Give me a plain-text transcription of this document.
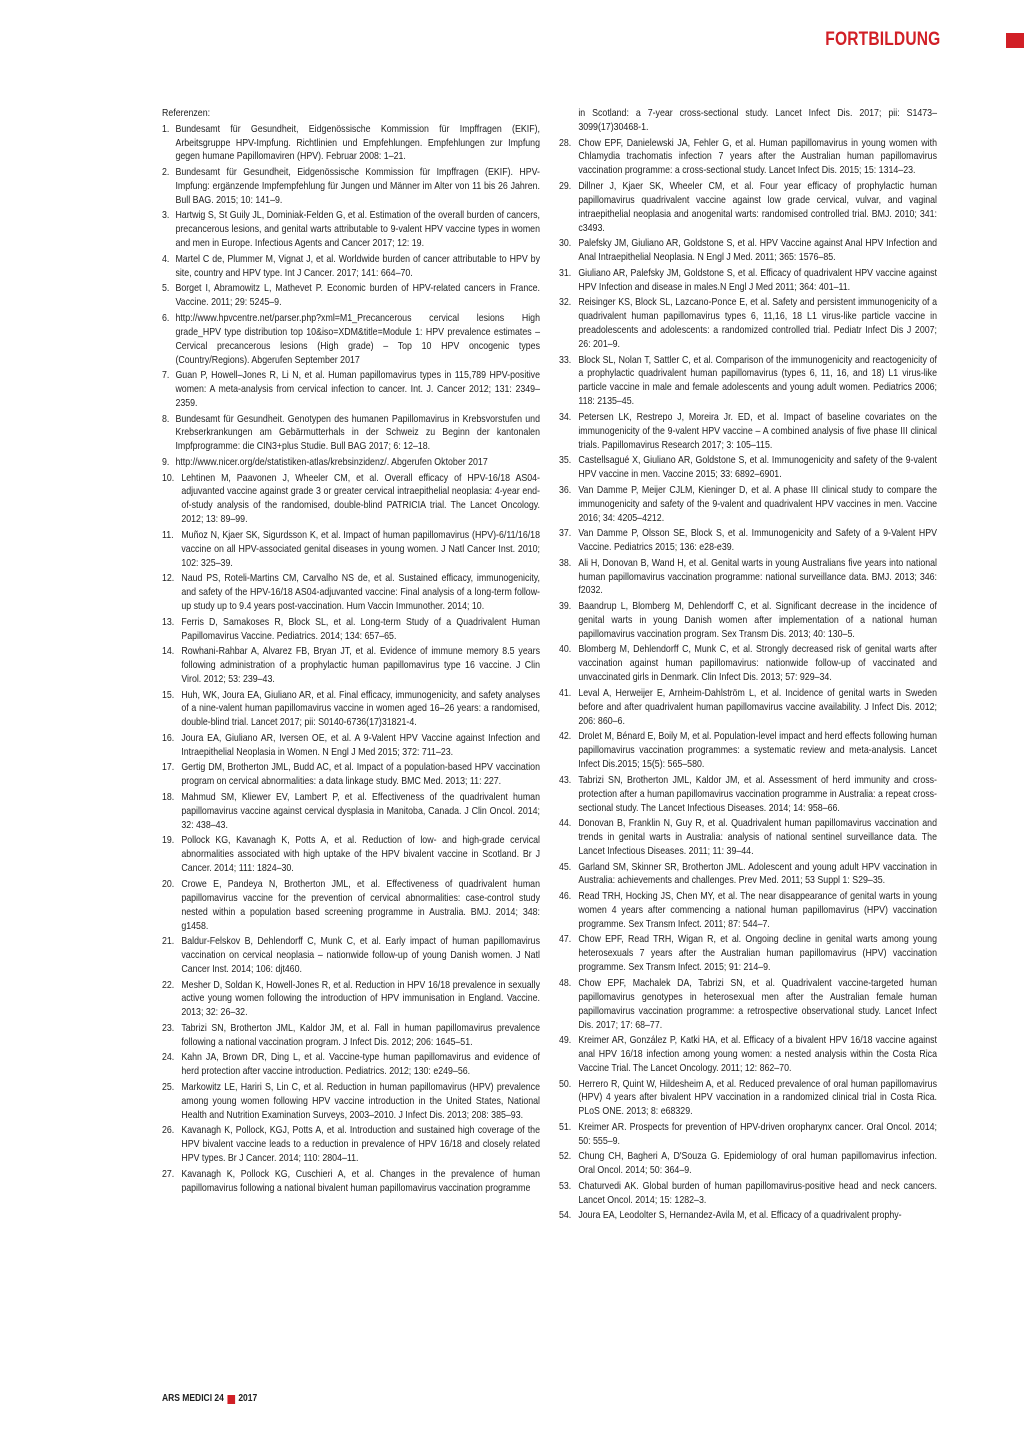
FORTBILDUNG
Referenzen:
1. Bundesamt für Gesundheit, Eidgenössische Kommission für Impffragen (EKIF), Arbeitsgruppe HPV-Impfung. Richtlinien und Empfehlungen. Empfehlungen zur Impfung gegen humane Papillomaviren (HPV). Februar 2008: 1–21.
2. Bundesamt für Gesundheit, Eidgenössische Kommission für Impffragen (EKIF). HPV-Impfung: ergänzende Impfempfehlung für Jungen und Männer im Alter von 11 bis 26 Jahren. Bull BAG. 2015; 10: 141–9.
3. Hartwig S, St Guily JL, Dominiak-Felden G, et al. Estimation of the overall burden of cancers, precancerous lesions, and genital warts attributable to 9-valent HPV vaccine types in women and men in Europe. Infectious Agents and Cancer 2017; 12: 19.
4. Martel C de, Plummer M, Vignat J, et al. Worldwide burden of cancer attributable to HPV by site, country and HPV type. Int J Cancer. 2017; 141: 664–70.
5. Borget I, Abramowitz L, Mathevet P. Economic burden of HPV-related cancers in France. Vaccine. 2011; 29: 5245–9.
6. http://www.hpvcentre.net/parser.php?xml=M1_Precancerous cervical lesions High grade_HPV type distribution top 10&iso=XDM&title=Module 1: HPV prevalence estimates – Cervical precancerous lesions (High grade) – Top 10 HPV oncogenic types (Country/Regions). Abgerufen September 2017
7. Guan P, Howell–Jones R, Li N, et al. Human papillomavirus types in 115,789 HPV-positive women: A meta-analysis from cervical infection to cancer. Int. J. Cancer 2012; 131: 2349–2359.
8. Bundesamt für Gesundheit. Genotypen des humanen Papillomavirus in Krebsvorstufen und Krebserkrankungen am Gebärmutterhals in der Schweiz zu Beginn der kantonalen Impfprogramme: die CIN3+plus Studie. Bull BAG 2017; 6: 12–18.
9. http://www.nicer.org/de/statistiken-atlas/krebsinzidenz/. Abgerufen Oktober 2017
10. Lehtinen M, Paavonen J, Wheeler CM, et al. Overall efficacy of HPV-16/18 AS04-adjuvanted vaccine against grade 3 or greater cervical intraepithelial neoplasia: 4-year end-of-study analysis of the randomised, double-blind PATRICIA trial. The Lancet Oncology. 2012; 13: 89–99.
11. Muñoz N, Kjaer SK, Sigurdsson K, et al. Impact of human papillomavirus (HPV)-6/11/16/18 vaccine on all HPV-associated genital diseases in young women. J Natl Cancer Inst. 2010; 102: 325–39.
12. Naud PS, Roteli-Martins CM, Carvalho NS de, et al. Sustained efficacy, immunogenicity, and safety of the HPV-16/18 AS04-adjuvanted vaccine: Final analysis of a long-term follow-up study up to 9.4 years post-vaccination. Hum Vaccin Immunother. 2014; 10.
13. Ferris D, Samakoses R, Block SL, et al. Long-term Study of a Quadrivalent Human Papillomavirus Vaccine. Pediatrics. 2014; 134: 657–65.
14. Rowhani-Rahbar A, Alvarez FB, Bryan JT, et al. Evidence of immune memory 8.5 years following administration of a prophylactic human papillomavirus type 16 vaccine. J Clin Virol. 2012; 53: 239–43.
15. Huh, WK, Joura EA, Giuliano AR, et al. Final efficacy, immunogenicity, and safety analyses of a nine-valent human papillomavirus vaccine in women aged 16–26 years: a randomised, double-blind trial. Lancet 2017; pii: S0140-6736(17)31821-4.
16. Joura EA, Giuliano AR, Iversen OE, et al. A 9-Valent HPV Vaccine against Infection and Intraepithelial Neoplasia in Women. N Engl J Med 2015; 372: 711–23.
17. Gertig DM, Brotherton JML, Budd AC, et al. Impact of a population-based HPV vaccination program on cervical abnormalities: a data linkage study. BMC Med. 2013; 11: 227.
18. Mahmud SM, Kliewer EV, Lambert P, et al. Effectiveness of the quadrivalent human papillomavirus vaccine against cervical dysplasia in Manitoba, Canada. J Clin Oncol. 2014; 32: 438–43.
19. Pollock KG, Kavanagh K, Potts A, et al. Reduction of low- and high-grade cervical abnormalities associated with high uptake of the HPV bivalent vaccine in Scotland. Br J Cancer. 2014; 111: 1824–30.
20. Crowe E, Pandeya N, Brotherton JML, et al. Effectiveness of quadrivalent human papillomavirus vaccine for the prevention of cervical abnormalities: case-control study nested within a population based screening programme in Australia. BMJ. 2014; 348: g1458.
21. Baldur-Felskov B, Dehlendorff C, Munk C, et al. Early impact of human papillomavirus vaccination on cervical neoplasia – nationwide follow-up of young Danish women. J Natl Cancer Inst. 2014; 106: djt460.
22. Mesher D, Soldan K, Howell-Jones R, et al. Reduction in HPV 16/18 prevalence in sexually active young women following the introduction of HPV immunisation in England. Vaccine. 2013; 32: 26–32.
23. Tabrizi SN, Brotherton JML, Kaldor JM, et al. Fall in human papillomavirus prevalence following a national vaccination program. J Infect Dis. 2012; 206: 1645–51.
24. Kahn JA, Brown DR, Ding L, et al. Vaccine-type human papillomavirus and evidence of herd protection after vaccine introduction. Pediatrics. 2012; 130: e249–56.
25. Markowitz LE, Hariri S, Lin C, et al. Reduction in human papillomavirus (HPV) prevalence among young women following HPV vaccine introduction in the United States, National Health and Nutrition Examination Surveys, 2003–2010. J Infect Dis. 2013; 208: 385–93.
26. Kavanagh K, Pollock, KGJ, Potts A, et al. Introduction and sustained high coverage of the HPV bivalent vaccine leads to a reduction in prevalence of HPV 16/18 and closely related HPV types. Br J Cancer. 2014; 110: 2804–11.
27. Kavanagh K, Pollock KG, Cuschieri A, et al. Changes in the prevalence of human papillomavirus following a national bivalent human papillomavirus vaccination programme
in Scotland: a 7-year cross-sectional study. Lancet Infect Dis. 2017; pii: S1473–3099(17)30468-1.
28. Chow EPF, Danielewski JA, Fehler G, et al. Human papillomavirus in young women with Chlamydia trachomatis infection 7 years after the Australian human papillomavirus vaccination programme: a cross-sectional study. Lancet Infect Dis. 2015; 15: 1314–23.
29. Dillner J, Kjaer SK, Wheeler CM, et al. Four year efficacy of prophylactic human papillomavirus quadrivalent vaccine against low grade cervical, vulvar, and vaginal intraepithelial neoplasia and anogenital warts: randomised controlled trial. BMJ. 2010; 341: c3493.
30. Palefsky JM, Giuliano AR, Goldstone S, et al. HPV Vaccine against Anal HPV Infection and Anal Intraepithelial Neoplasia. N Engl J Med. 2011; 365: 1576–85.
31. Giuliano AR, Palefsky JM, Goldstone S, et al. Efficacy of quadrivalent HPV vaccine against HPV Infection and disease in males.N Engl J Med 2011; 364: 401–11.
32. Reisinger KS, Block SL, Lazcano-Ponce E, et al. Safety and persistent immunogenicity of a quadrivalent human papillomavirus types 6, 11,16, 18 L1 virus-like particle vaccine in preadolescents and adolescents: a randomized controlled trial. Pediatr Infect Dis J 2007; 26: 201–9.
33. Block SL, Nolan T, Sattler C, et al. Comparison of the immunogenicity and reactogenicity of a prophylactic quadrivalent human papillomavirus (types 6, 11, 16, and 18) L1 virus-like particle vaccine in male and female adolescents and young adult women. Pediatrics 2006; 118: 2135–45.
34. Petersen LK, Restrepo J, Moreira Jr. ED, et al. Impact of baseline covariates on the immunogenicity of the 9-valent HPV vaccine – A combined analysis of five phase III clinical trials. Papillomavirus Research 2017; 3: 105–115.
35. Castellsagué X, Giuliano AR, Goldstone S, et al. Immunogenicity and safety of the 9-valent HPV vaccine in men. Vaccine 2015; 33: 6892–6901.
36. Van Damme P, Meijer CJLM, Kieninger D, et al. A phase III clinical study to compare the immunogenicity and safety of the 9-valent and quadrivalent HPV vaccines in men. Vaccine 2016; 34: 4205–4212.
37. Van Damme P, Olsson SE, Block S, et al. Immunogenicity and Safety of a 9-Valent HPV Vaccine. Pediatrics 2015; 136: e28-e39.
38. Ali H, Donovan B, Wand H, et al. Genital warts in young Australians five years into national human papillomavirus vaccination programme: national surveillance data. BMJ. 2013; 346: f2032.
39. Baandrup L, Blomberg M, Dehlendorff C, et al. Significant decrease in the incidence of genital warts in young Danish women after implementation of a national human papillomavirus vaccination program. Sex Transm Dis. 2013; 40: 130–5.
40. Blomberg M, Dehlendorff C, Munk C, et al. Strongly decreased risk of genital warts after vaccination against human papillomavirus: nationwide follow-up of vaccinated and unvaccinated girls in Denmark. Clin Infect Dis. 2013; 57: 929–34.
41. Leval A, Herweijer E, Arnheim-Dahlström L, et al. Incidence of genital warts in Sweden before and after quadrivalent human papillomavirus vaccine availability. J Infect Dis. 2012; 206: 860–6.
42. Drolet M, Bénard E, Boily M, et al. Population-level impact and herd effects following human papillomavirus vaccination programmes: a systematic review and meta-analysis. Lancet Infect Dis.2015; 15(5): 565–580.
43. Tabrizi SN, Brotherton JML, Kaldor JM, et al. Assessment of herd immunity and cross-protection after a human papillomavirus vaccination programme in Australia: a repeat cross-sectional study. The Lancet Infectious Diseases. 2014; 14: 958–66.
44. Donovan B, Franklin N, Guy R, et al. Quadrivalent human papillomavirus vaccination and trends in genital warts in Australia: analysis of national sentinel surveillance data. The Lancet Infectious Diseases. 2011; 11: 39–44.
45. Garland SM, Skinner SR, Brotherton JML. Adolescent and young adult HPV vaccination in Australia: achievements and challenges. Prev Med. 2011; 53 Suppl 1: S29–35.
46. Read TRH, Hocking JS, Chen MY, et al. The near disappearance of genital warts in young women 4 years after commencing a national human papillomavirus (HPV) vaccination programme. Sex Transm Infect. 2011; 87: 544–7.
47. Chow EPF, Read TRH, Wigan R, et al. Ongoing decline in genital warts among young heterosexuals 7 years after the Australian human papillomavirus (HPV) vaccination programme. Sex Transm Infect. 2015; 91: 214–9.
48. Chow EPF, Machalek DA, Tabrizi SN, et al. Quadrivalent vaccine-targeted human papillomavirus genotypes in heterosexual men after the Australian female human papillomavirus vaccination programme: a retrospective observational study. Lancet Infect Dis. 2017; 17: 68–77.
49. Kreimer AR, González P, Katki HA, et al. Efficacy of a bivalent HPV 16/18 vaccine against anal HPV 16/18 infection among young women: a nested analysis within the Costa Rica Vaccine Trial. The Lancet Oncology. 2011; 12: 862–70.
50. Herrero R, Quint W, Hildesheim A, et al. Reduced prevalence of oral human papillomavirus (HPV) 4 years after bivalent HPV vaccination in a randomized clinical trial in Costa Rica. PLoS ONE. 2013; 8: e68329.
51. Kreimer AR. Prospects for prevention of HPV-driven oropharynx cancer. Oral Oncol. 2014; 50: 555–9.
52. Chung CH, Bagheri A, D'Souza G. Epidemiology of oral human papillomavirus infection. Oral Oncol. 2014; 50: 364–9.
53. Chaturvedi AK. Global burden of human papillomavirus-positive head and neck cancers. Lancet Oncol. 2014; 15: 1282–3.
54. Joura EA, Leodolter S, Hernandez-Avila M, et al. Efficacy of a quadrivalent prophy-
ARS MEDICI 24 2017
